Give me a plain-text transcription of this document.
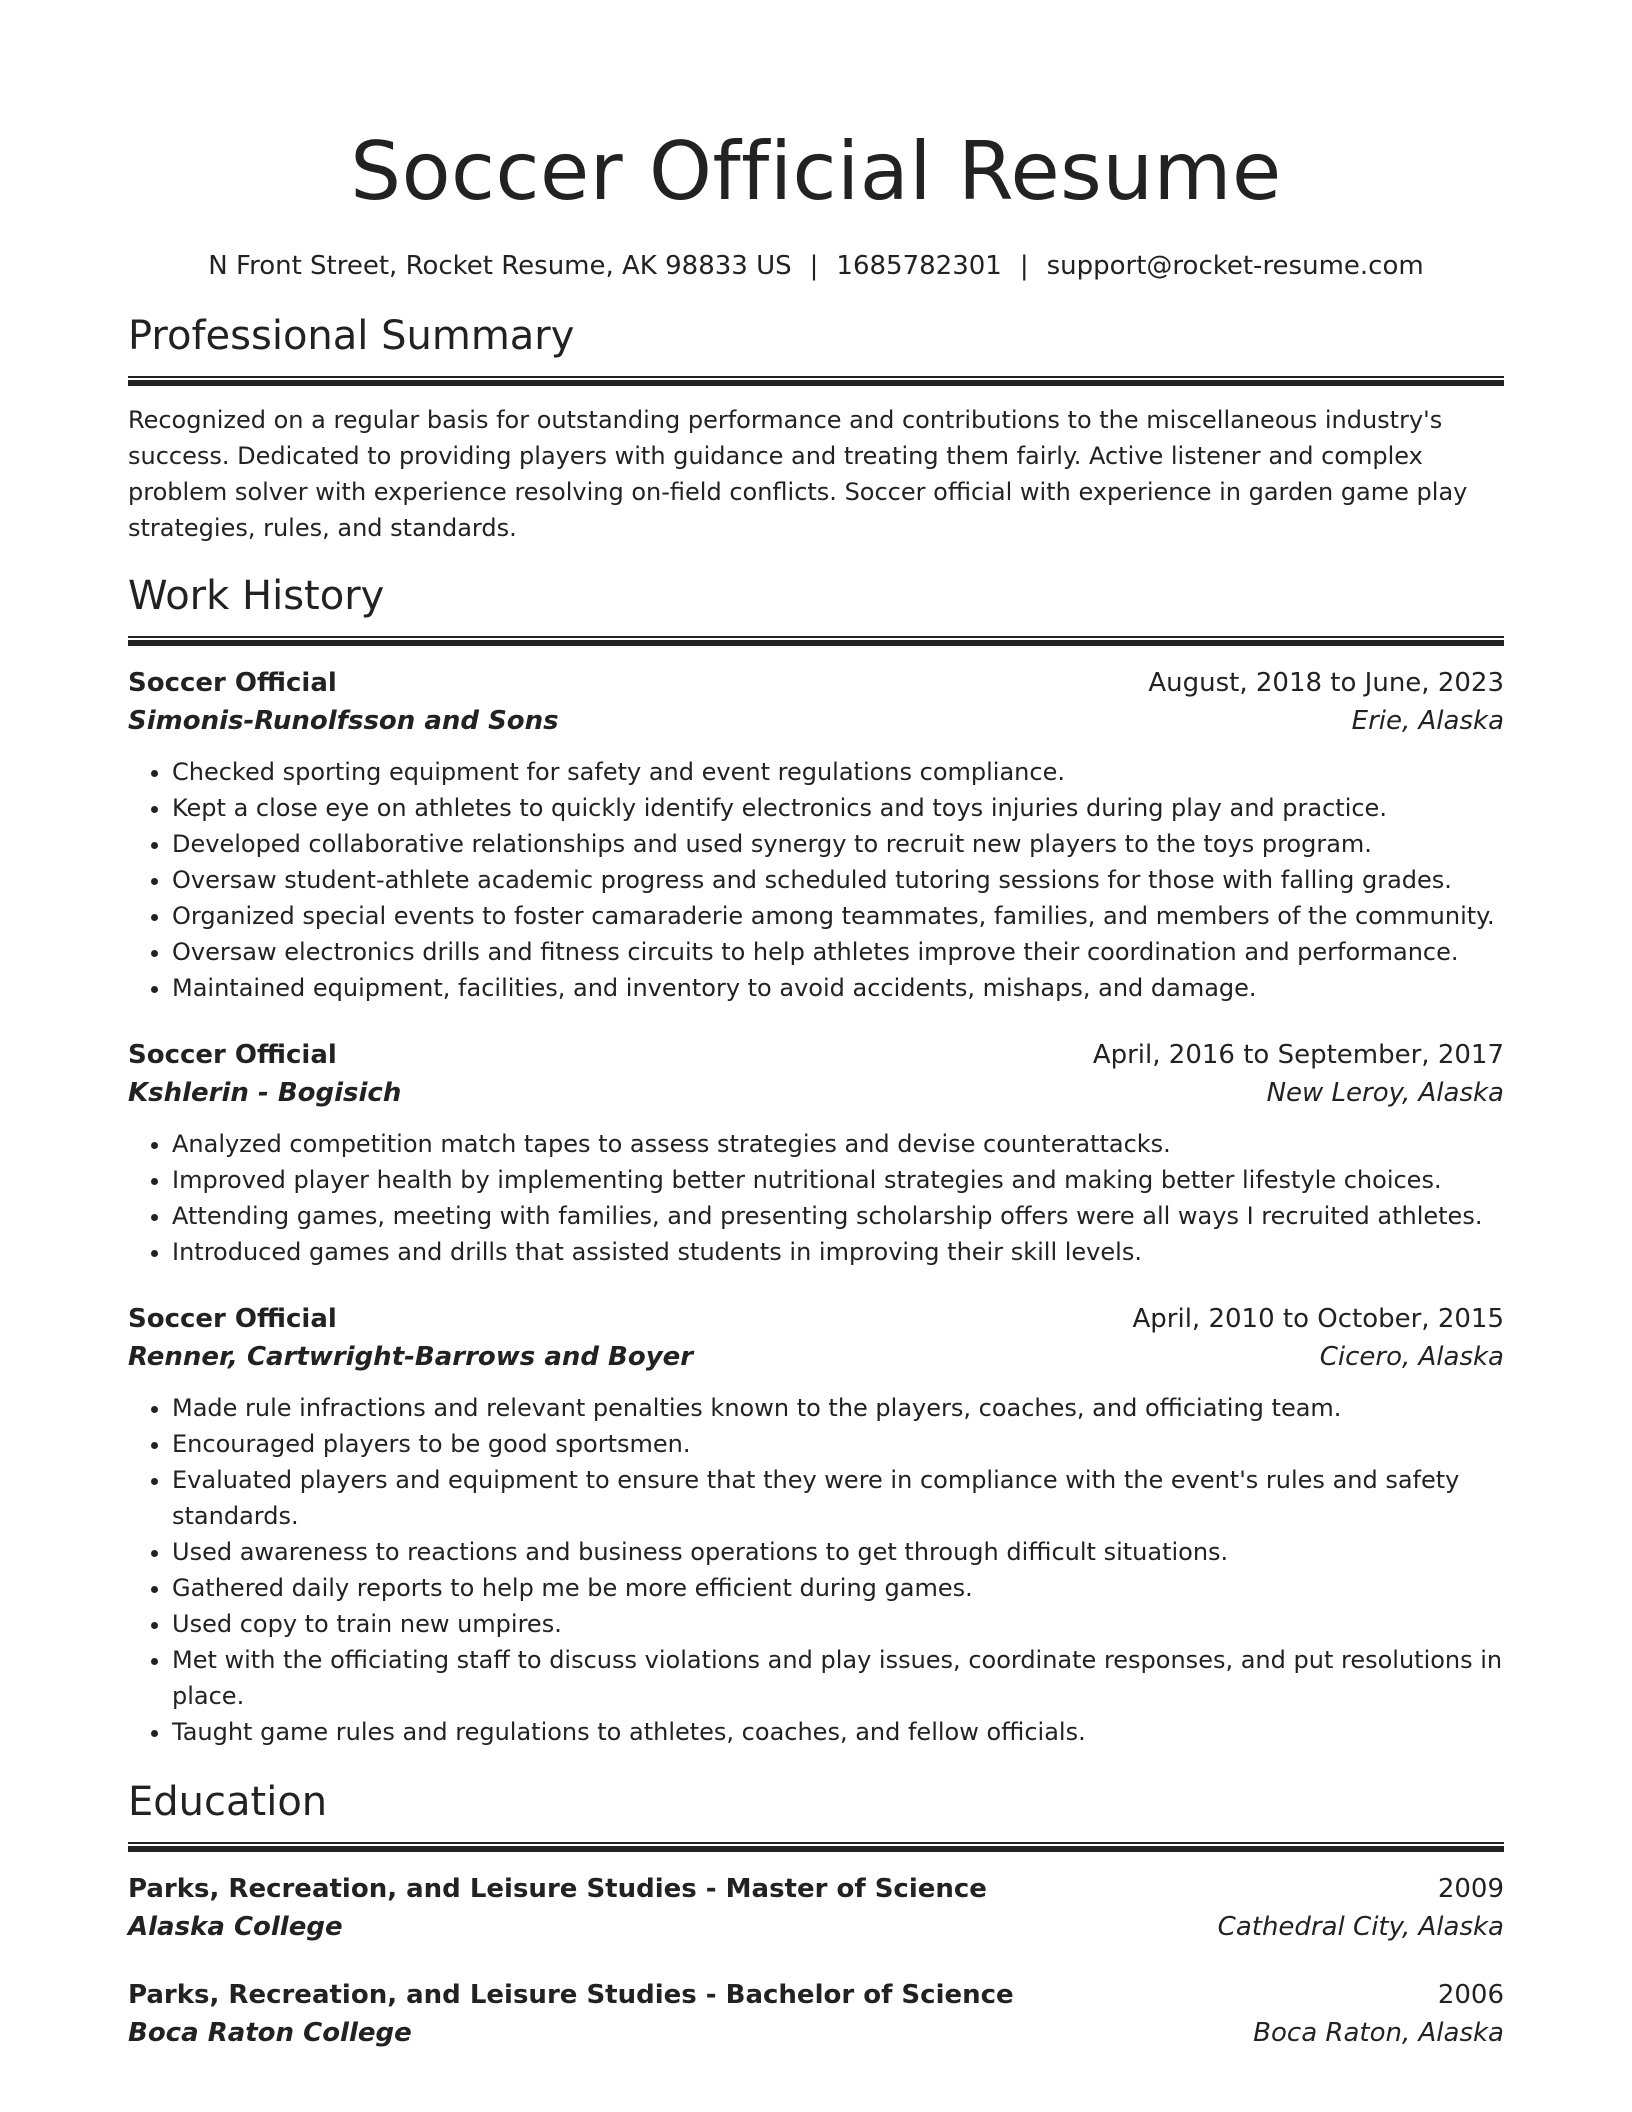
Soccer Official Resume
N Front Street, Rocket Resume, AK 98833 US | 1685782301 | support@rocket-resume.com
Professional Summary
Recognized on a regular basis for outstanding performance and contributions to the miscellaneous industry's success. Dedicated to providing players with guidance and treating them fairly. Active listener and complex problem solver with experience resolving on-field conflicts. Soccer official with experience in garden game play strategies, rules, and standards.
Work History
Soccer Official	August, 2018 to June, 2023
Simonis-Runolfsson and Sons	Erie, Alaska
• Checked sporting equipment for safety and event regulations compliance.
• Kept a close eye on athletes to quickly identify electronics and toys injuries during play and practice.
• Developed collaborative relationships and used synergy to recruit new players to the toys program.
• Oversaw student-athlete academic progress and scheduled tutoring sessions for those with falling grades.
• Organized special events to foster camaraderie among teammates, families, and members of the community.
• Oversaw electronics drills and fitness circuits to help athletes improve their coordination and performance.
• Maintained equipment, facilities, and inventory to avoid accidents, mishaps, and damage.
Soccer Official	April, 2016 to September, 2017
Kshlerin - Bogisich	New Leroy, Alaska
• Analyzed competition match tapes to assess strategies and devise counterattacks.
• Improved player health by implementing better nutritional strategies and making better lifestyle choices.
• Attending games, meeting with families, and presenting scholarship offers were all ways I recruited athletes.
• Introduced games and drills that assisted students in improving their skill levels.
Soccer Official	April, 2010 to October, 2015
Renner, Cartwright-Barrows and Boyer	Cicero, Alaska
• Made rule infractions and relevant penalties known to the players, coaches, and officiating team.
• Encouraged players to be good sportsmen.
• Evaluated players and equipment to ensure that they were in compliance with the event's rules and safety standards.
• Used awareness to reactions and business operations to get through difficult situations.
• Gathered daily reports to help me be more efficient during games.
• Used copy to train new umpires.
• Met with the officiating staff to discuss violations and play issues, coordinate responses, and put resolutions in place.
• Taught game rules and regulations to athletes, coaches, and fellow officials.
Education
Parks, Recreation, and Leisure Studies - Master of Science	2009
Alaska College	Cathedral City, Alaska
Parks, Recreation, and Leisure Studies - Bachelor of Science	2006
Boca Raton College	Boca Raton, Alaska
